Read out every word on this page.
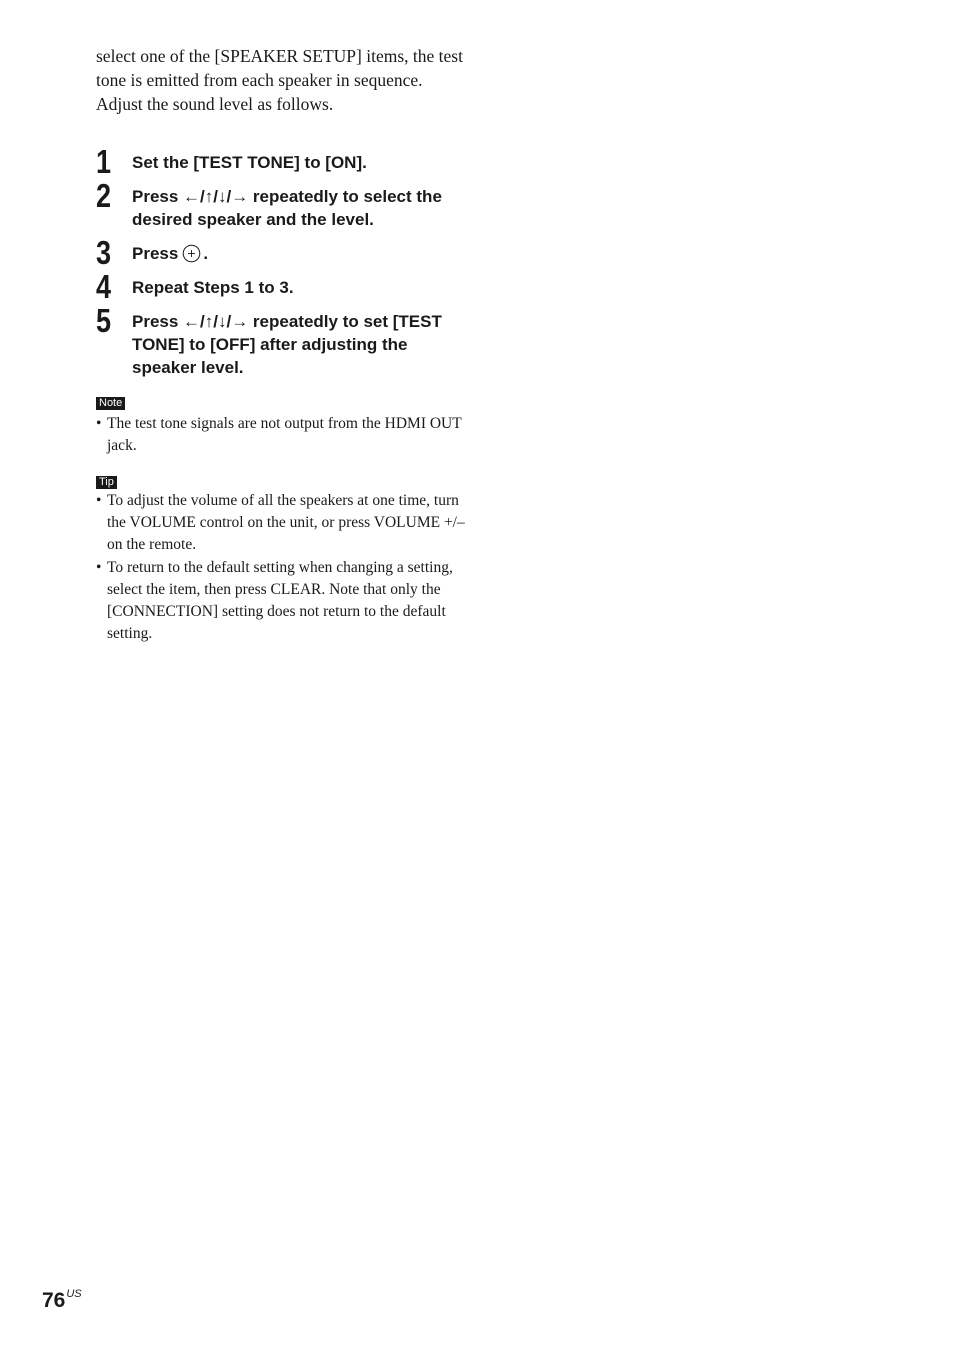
select one of the [SPEAKER SETUP] items, the test tone is emitted from each speaker in sequence.

Adjust the sound level as follows.

1 Set the [TEST TONE] to [ON].
2 Press ←/↑/↓/→ repeatedly to select the desired speaker and the level.
3 Press .
4 Repeat Steps 1 to 3.
5 Press ←/↑/↓/→ repeatedly to set [TEST TONE] to [OFF] after adjusting the speaker level.
Note
• The test tone signals are not output from the HDMI OUT jack.
Tip
• To adjust the volume of all the speakers at one time, turn the VOLUME control on the unit, or press VOLUME +/– on the remote.
• To return to the default setting when changing a setting, select the item, then press CLEAR. Note that only the [CONNECTION] setting does not return to the default setting.
$76^{US}$
